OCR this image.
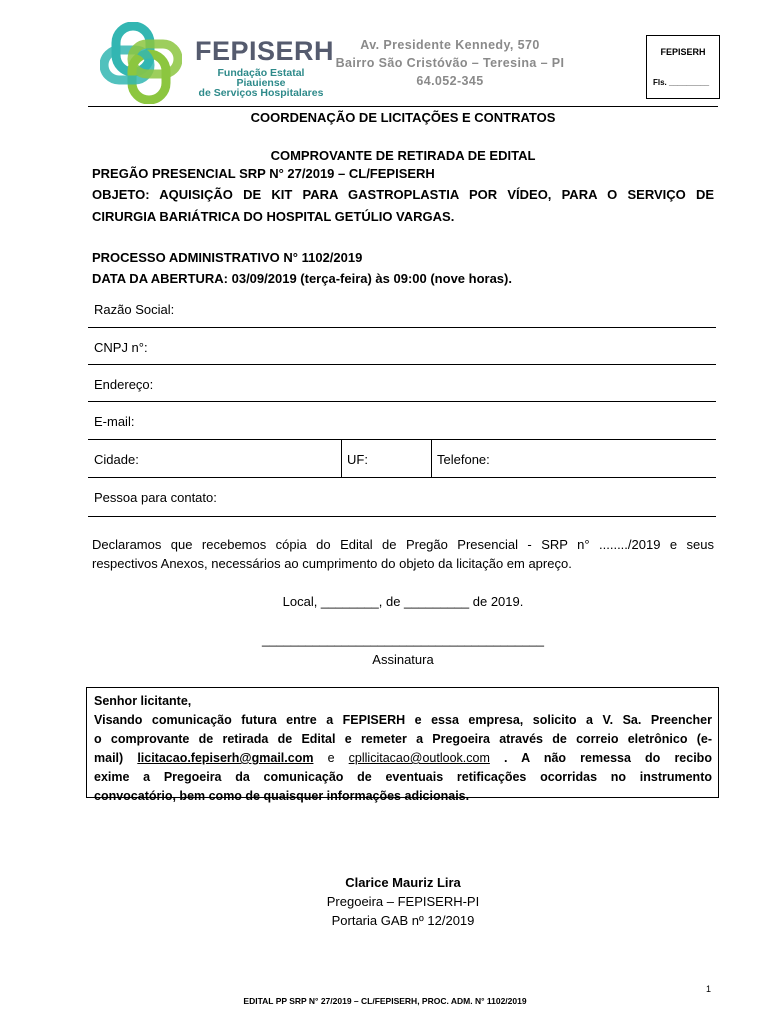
FEPISERH
Fundação Estatal Piauiense
de Serviços Hospitalares
Av. Presidente Kennedy, 570
Bairro São Cristóvão – Teresina – PI
64.052-345
FEPISERH
Fls. _________
COORDENAÇÃO DE LICITAÇÕES E CONTRATOS
COMPROVANTE DE RETIRADA DE EDITAL
PREGÃO PRESENCIAL SRP N° 27/2019 – CL/FEPISERH
OBJETO: AQUISIÇÃO DE KIT PARA GASTROPLASTIA POR VÍDEO, PARA O SERVIÇO DE
CIRURGIA BARIÁTRICA DO HOSPITAL GETÚLIO VARGAS.
PROCESSO ADMINISTRATIVO N° 1102/2019
DATA DA ABERTURA: 03/09/2019 (terça-feira) às 09:00 (nove horas).
Razão Social:
CNPJ n°:
Endereço:
E-mail:
Cidade:	UF:	Telefone:
Pessoa para contato:
Declaramos que recebemos cópia do Edital de Pregão Presencial - SRP n° ......../2019 e seus
respectivos Anexos, necessários ao cumprimento do objeto da licitação em apreço.
Local, ________, de _________ de 2019.
_______________________________________
Assinatura
Senhor licitante,
Visando comunicação futura entre a FEPISERH e essa empresa, solicito a V. Sa. Preencher
o comprovante de retirada de Edital e remeter a Pregoeira através de correio eletrônico (e-
mail) licitacao.fepiserh@gmail.com e cpllicitacao@outlook.com . A não remessa do recibo
exime a Pregoeira da comunicação de eventuais retificações ocorridas no instrumento
convocatório, bem como de quaisquer informações adicionais.
Clarice Mauriz Lira
Pregoeira – FEPISERH-PI
Portaria GAB nº 12/2019
1
EDITAL PP SRP N° 27/2019 – CL/FEPISERH, PROC. ADM. N° 1102/2019
